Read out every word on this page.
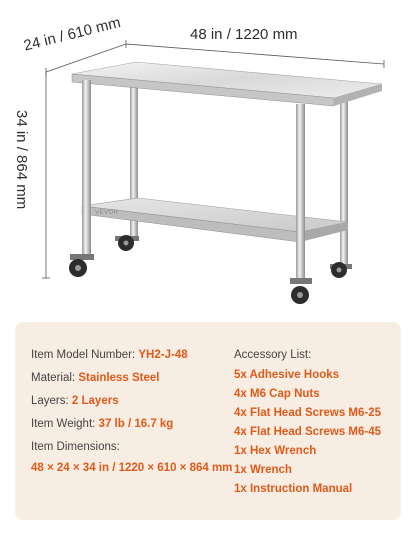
48 in / 1220 mm
24 in / 610 mm
34 in / 864 mm
VEVOR
Item Model Number: YH2-J-48
Material: Stainless Steel
Layers: 2 Layers
Item Weight: 37 lb / 16.7 kg
Item Dimensions:
48 × 24 × 34 in / 1220 × 610 × 864 mm
Accessory List:
5x Adhesive Hooks
4x M6 Cap Nuts
4x Flat Head Screws M6-25
4x Flat Head Screws M6-45
1x Hex Wrench
1x Wrench
1x Instruction Manual
